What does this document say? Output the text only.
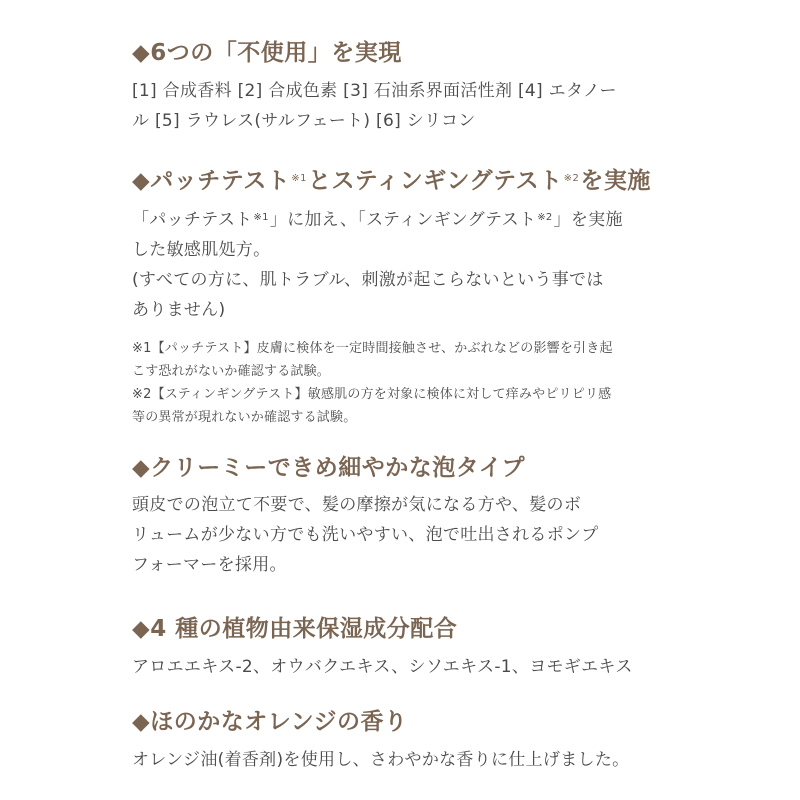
◆6つの「不使用」を実現

[1] 合成香料 [2] 合成色素 [3] 石油系界面活性剤 [4] エタノー
ル [5] ラウレス(サルフェート) [6] シリコン

◆パッチテスト$^{※1}$とスティンギングテスト$^{※2}$を実施

「パッチテスト$^{※1}$」に加え、「スティンギングテスト$^{※2}$」を実施
した敏感肌処方。
(すべての方に、肌トラブル、刺激が起こらないという事では
ありません)

※1【パッチテスト】皮膚に検体を一定時間接触させ、かぶれなどの影響を引き起
こす恐れがないか確認する試験。
※2【スティンギングテスト】敏感肌の方を対象に検体に対して痒みやピリピリ感
等の異常が現れないか確認する試験。

◆クリーミーできめ細やかな泡タイプ

頭皮での泡立て不要で、髪の摩擦が気になる方や、髪のボ
リュームが少ない方でも洗いやすい、泡で吐出されるポンプ
フォーマーを採用。

◆4 種の植物由来保湿成分配合

アロエエキス-2、オウバクエキス、シソエキス-1、ヨモギエキス

◆ほのかなオレンジの香り

オレンジ油(着香剤)を使用し、さわやかな香りに仕上げました。
